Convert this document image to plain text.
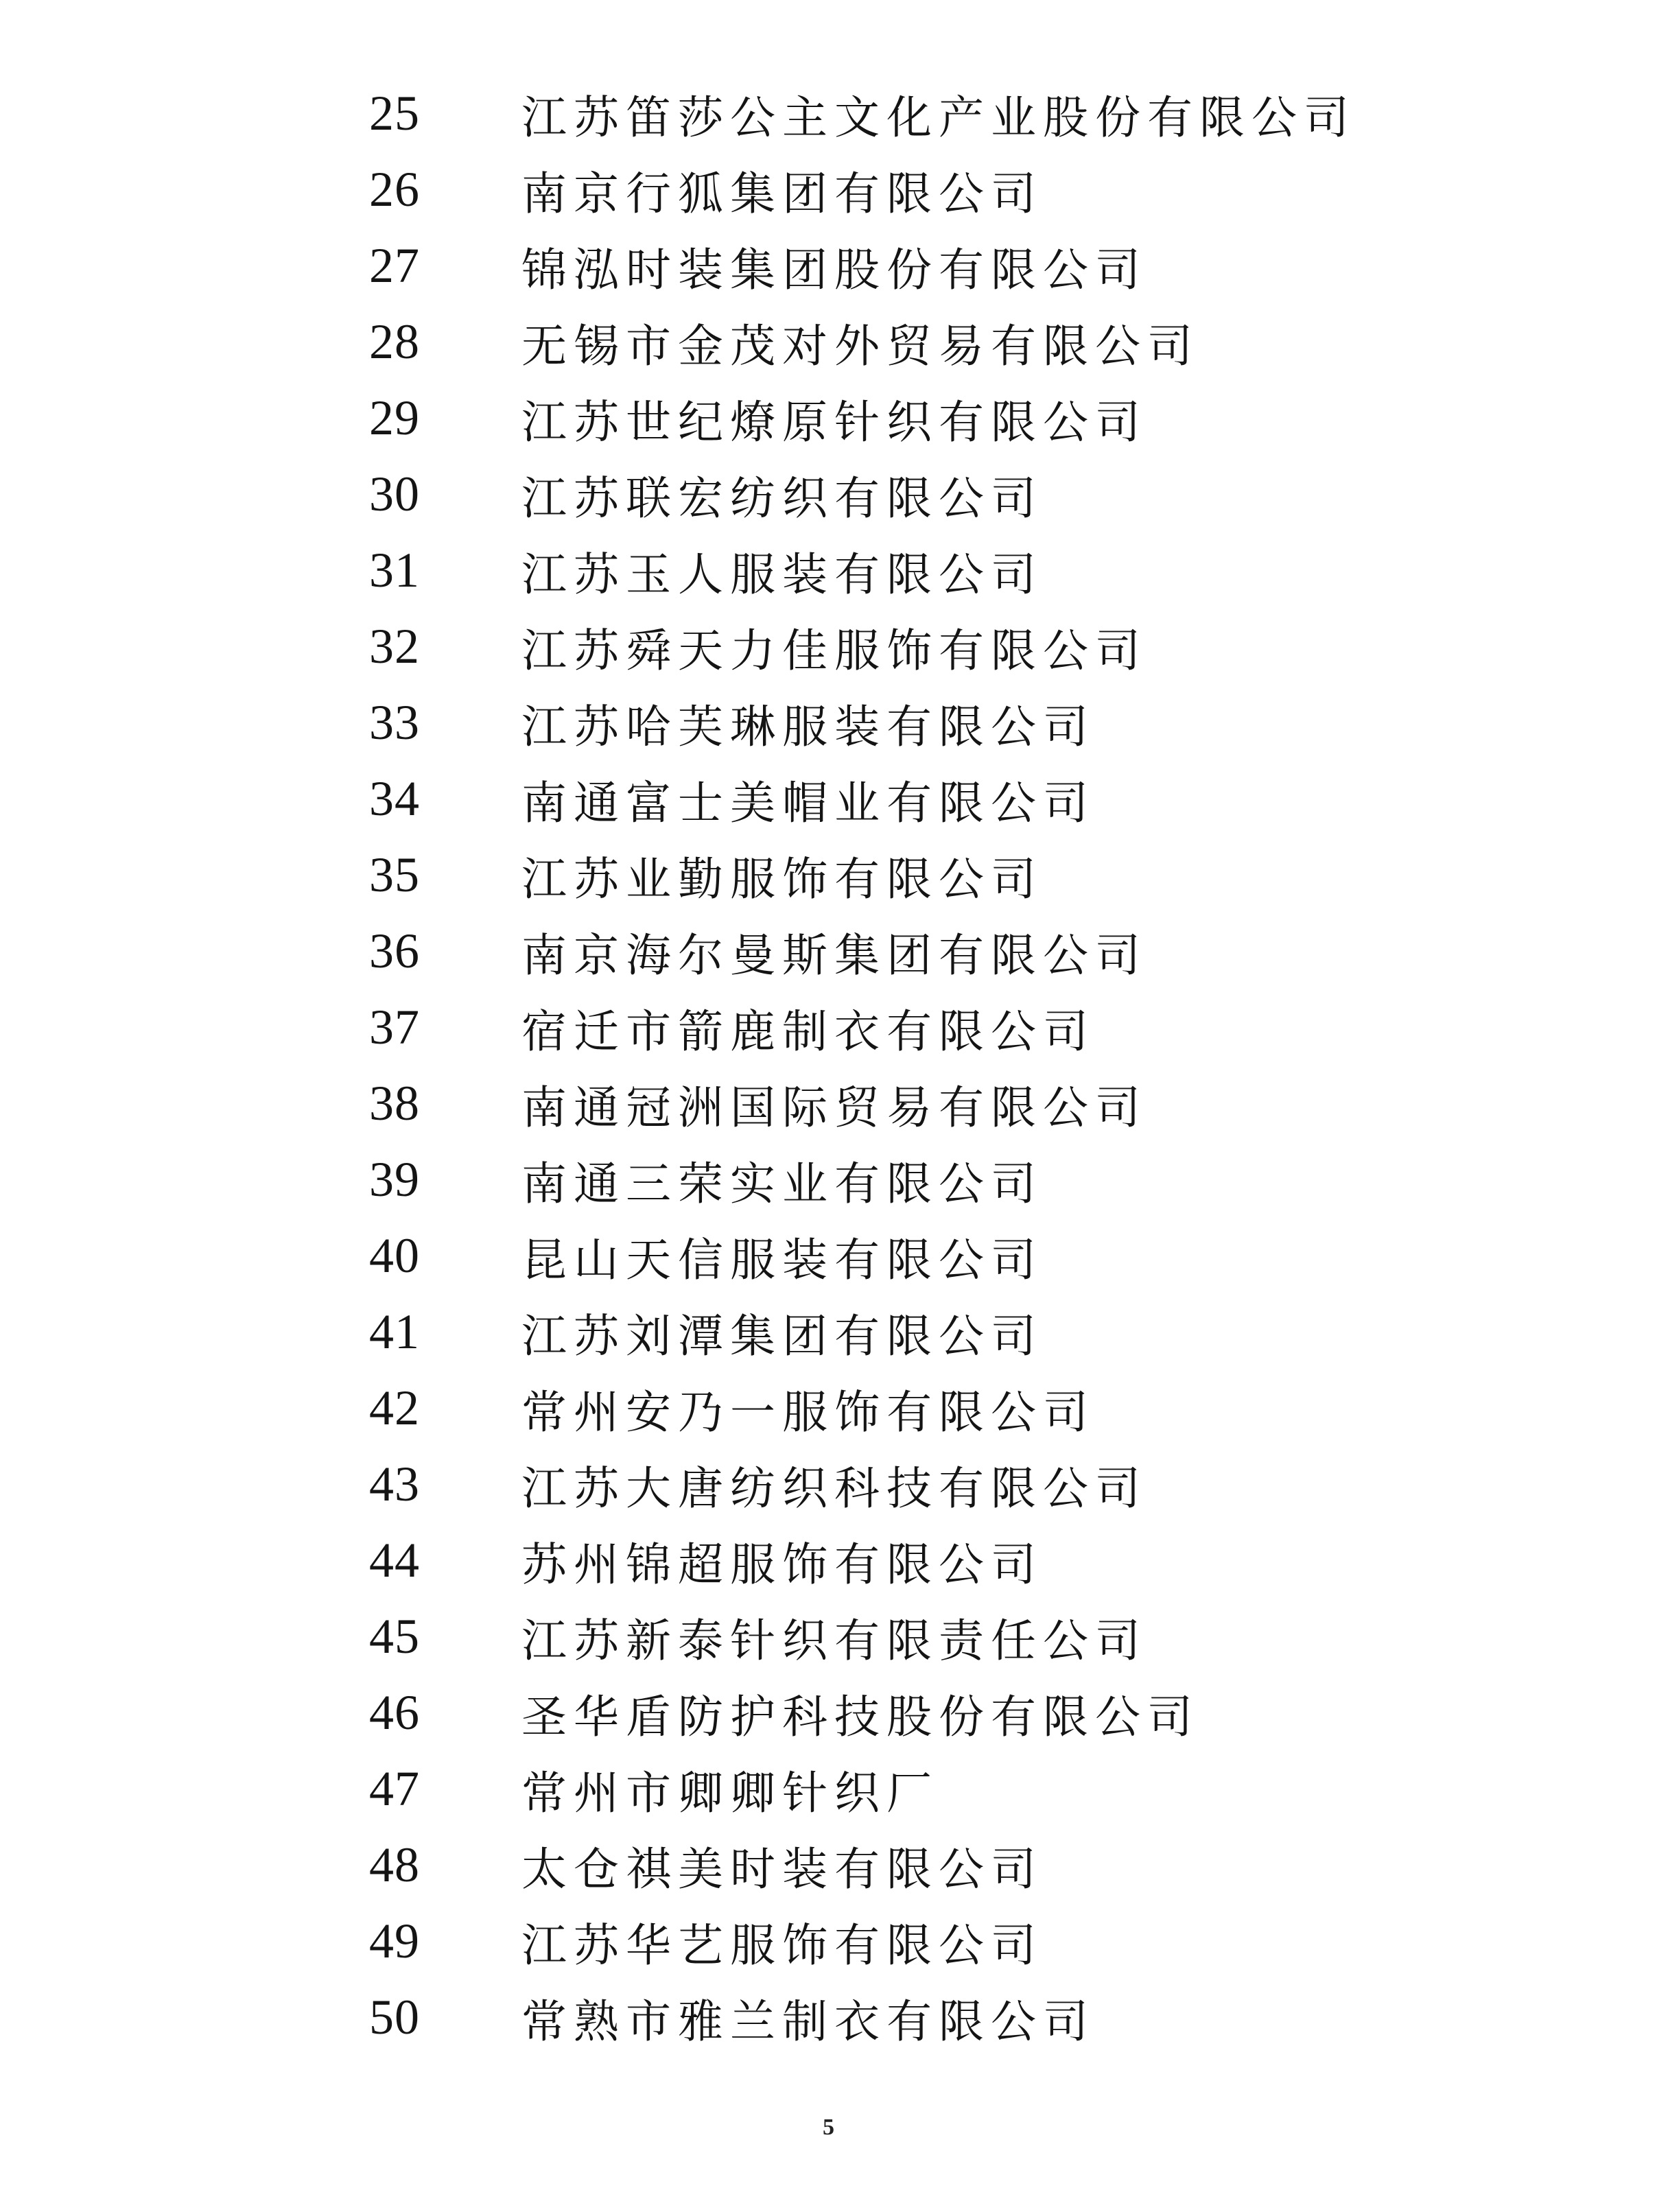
25 江苏笛莎公主文化产业股份有限公司
26 南京行狐集团有限公司
27 锦泓时装集团股份有限公司
28 无锡市金茂对外贸易有限公司
29 江苏世纪燎原针织有限公司
30 江苏联宏纺织有限公司
31 江苏玉人服装有限公司
32 江苏舜天力佳服饰有限公司
33 江苏哈芙琳服装有限公司
34 南通富士美帽业有限公司
35 江苏业勤服饰有限公司
36 南京海尔曼斯集团有限公司
37 宿迁市箭鹿制衣有限公司
38 南通冠洲国际贸易有限公司
39 南通三荣实业有限公司
40 昆山天信服装有限公司
41 江苏刘潭集团有限公司
42 常州安乃一服饰有限公司
43 江苏大唐纺织科技有限公司
44 苏州锦超服饰有限公司
45 江苏新泰针织有限责任公司
46 圣华盾防护科技股份有限公司
47 常州市卿卿针织厂
48 太仓祺美时装有限公司
49 江苏华艺服饰有限公司
50 常熟市雅兰制衣有限公司
5
